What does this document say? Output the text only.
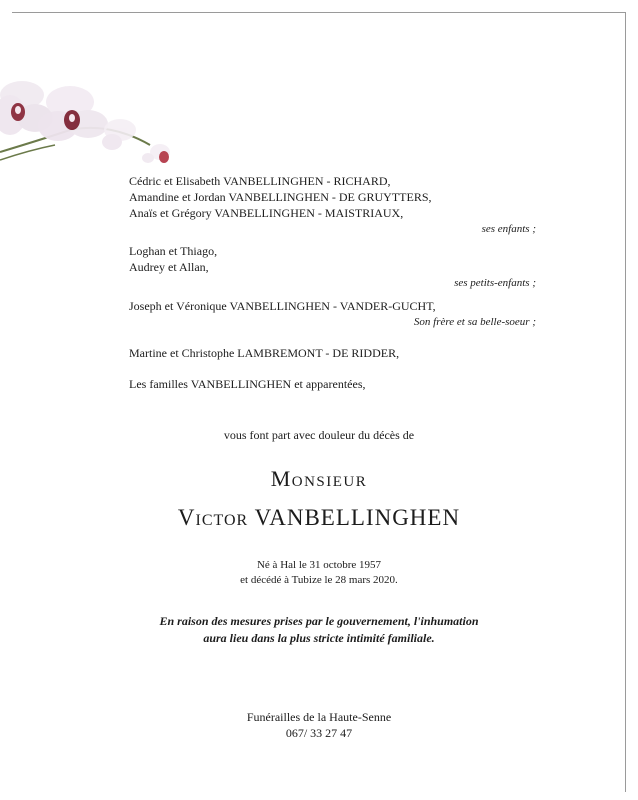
Cédric et Elisabeth VANBELLINGHEN - RICHARD,
Amandine et Jordan VANBELLINGHEN - DE GRUYTTERS,
Anaïs et Grégory VANBELLINGHEN - MAISTRIAUX,
ses enfants ;
Loghan et Thiago,
Audrey et Allan,
ses petits-enfants ;
Joseph et Véronique VANBELLINGHEN - VANDER-GUCHT,
Son frère et sa belle-soeur ;
Martine et Christophe LAMBREMONT - DE RIDDER,
Les familles VANBELLINGHEN et apparentées,
vous font part avec douleur du décès de
Monsieur
Victor VANBELLINGHEN
Né à Hal le 31 octobre 1957
et décédé à Tubize le 28 mars 2020.
En raison des mesures prises par le gouvernement, l'inhumation
aura lieu dans la plus stricte intimité familiale.
Funérailles de la Haute-Senne
067/ 33 27 47
